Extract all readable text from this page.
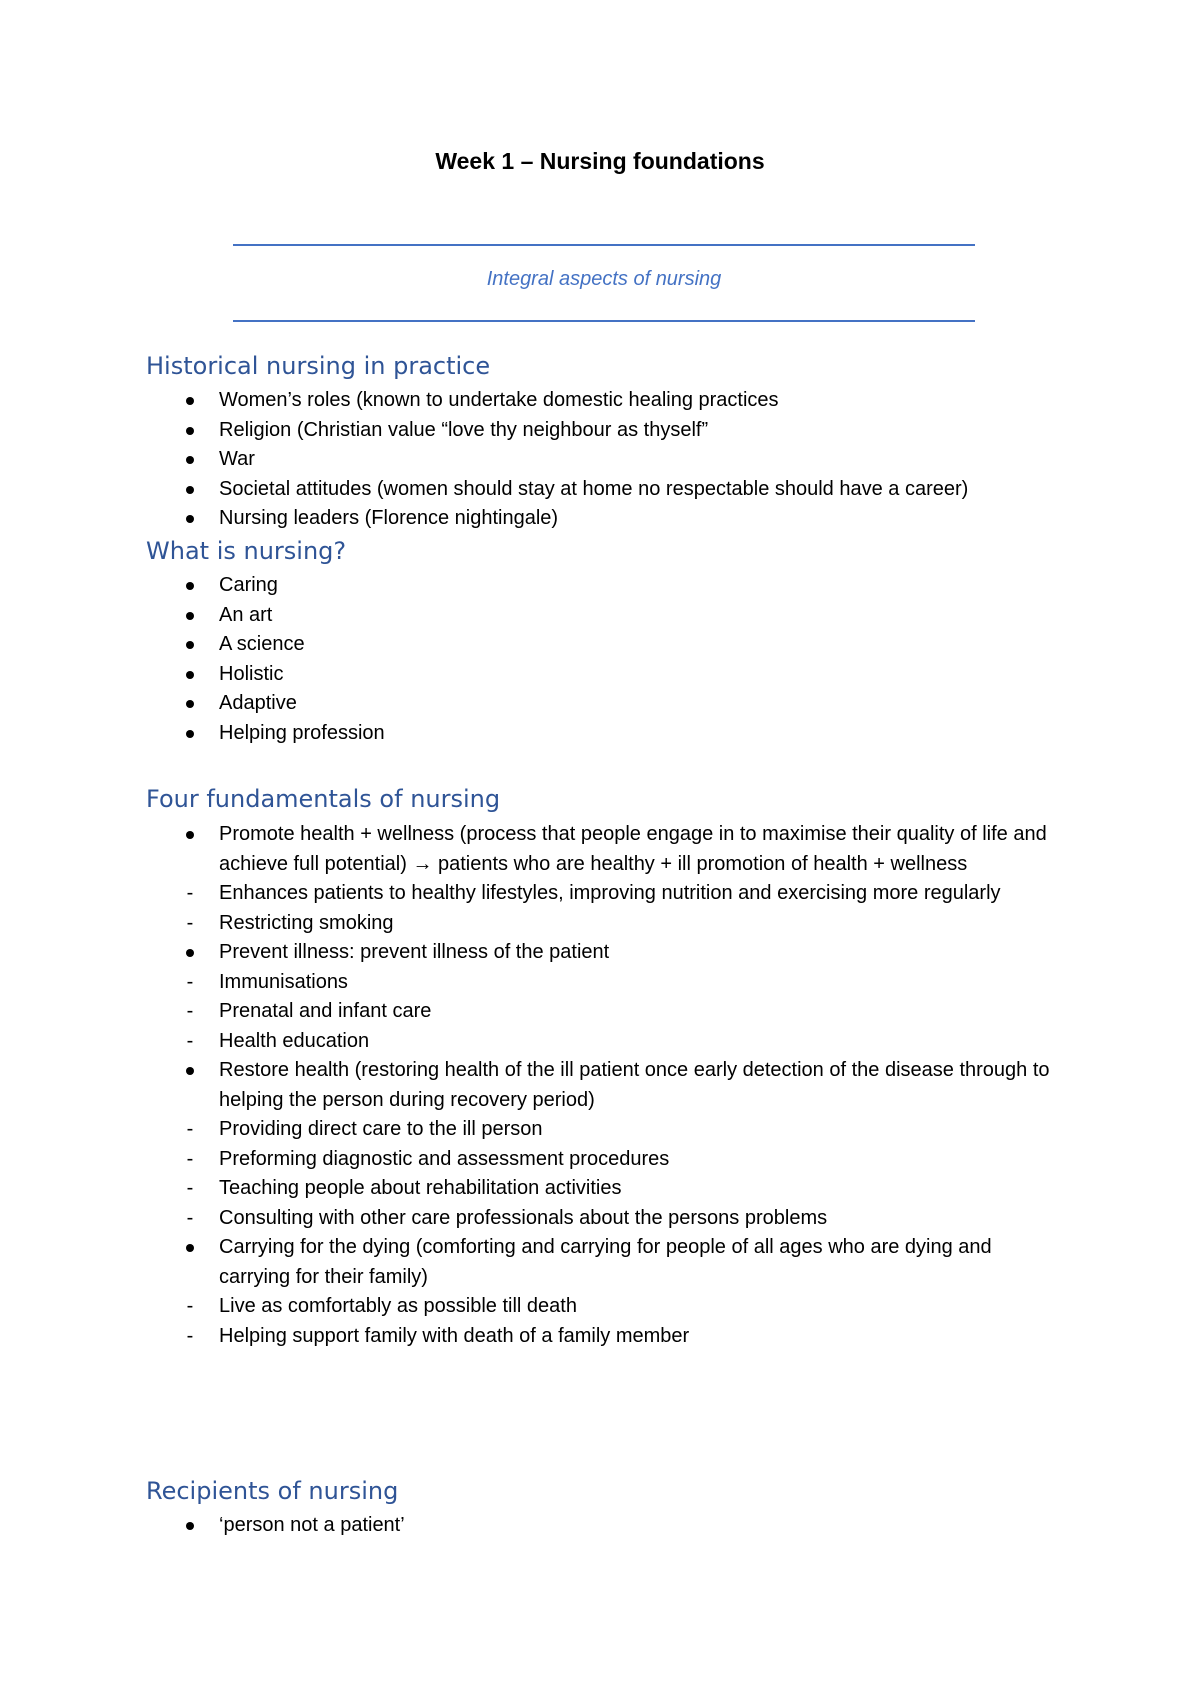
Week 1 – Nursing foundations
Integral aspects of nursing
Historical nursing in practice
Women’s roles (known to undertake domestic healing practices
Religion (Christian value “love thy neighbour as thyself”
War
Societal attitudes (women should stay at home no respectable should have a career)
Nursing leaders (Florence nightingale)
What is nursing?
Caring
An art
A science
Holistic
Adaptive
Helping profession
Four fundamentals of nursing
Promote health + wellness (process that people engage in to maximise their quality of life and achieve full potential) → patients who are healthy + ill promotion of health + wellness
-
Enhances patients to healthy lifestyles, improving nutrition and exercising more regularly
-
Restricting smoking
Prevent illness: prevent illness of the patient
-
Immunisations
-
Prenatal and infant care
-
Health education
Restore health (restoring health of the ill patient once early detection of the disease through to helping the person during recovery period)
-
Providing direct care to the ill person
-
Preforming diagnostic and assessment procedures
-
Teaching people about rehabilitation activities
-
Consulting with other care professionals about the persons problems
Carrying for the dying (comforting and carrying for people of all ages who are dying and carrying for their family)
-
Live as comfortably as possible till death
-
Helping support family with death of a family member
Recipients of nursing
‘person not a patient’
